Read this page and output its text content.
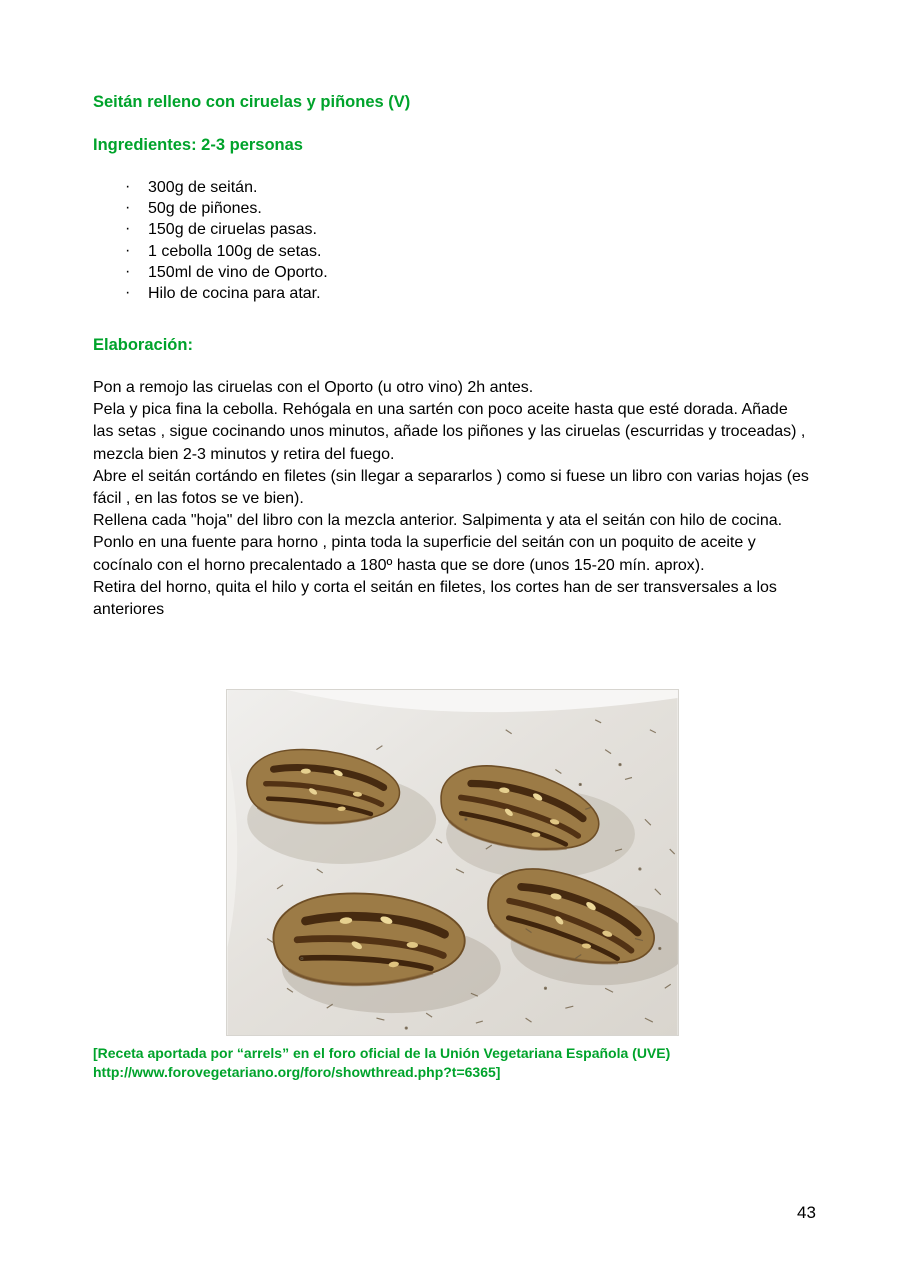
Seitán relleno con ciruelas y piñones (V)
Ingredientes: 2-3 personas
· 300g de seitán.
· 50g de piñones.
· 150g de ciruelas pasas.
· 1 cebolla 100g de setas.
· 150ml de vino de Oporto.
· Hilo de cocina para atar.
Elaboración:

Pon a remojo las ciruelas con el Oporto (u otro vino) 2h antes.

Pela y pica fina la cebolla. Rehógala en una sartén con poco aceite hasta que esté dorada. Añade las setas , sigue cocinando unos minutos, añade los piñones y las ciruelas (escurridas y troceadas) , mezcla bien 2-3 minutos y retira del fuego.

Abre el seitán cortándo en filetes (sin llegar a separarlos ) como si fuese un libro con varias hojas (es fácil , en las fotos se ve bien).

Rellena cada "hoja" del libro con la mezcla anterior. Salpimenta y ata el seitán con hilo de cocina.

Ponlo en una fuente para horno , pinta toda la superficie del seitán con un poquito de aceite y cocínalo con el horno precalentado a 180º hasta que se dore (unos 15-20 mín. aprox).

Retira del horno, quita el hilo y corta el seitán en filetes, los cortes han de ser transversales a los anteriores

[Receta aportada por “arrels” en el foro oficial de la Unión Vegetariana Española (UVE)
http://www.forovegetariano.org/foro/showthread.php?t=6365]
43
